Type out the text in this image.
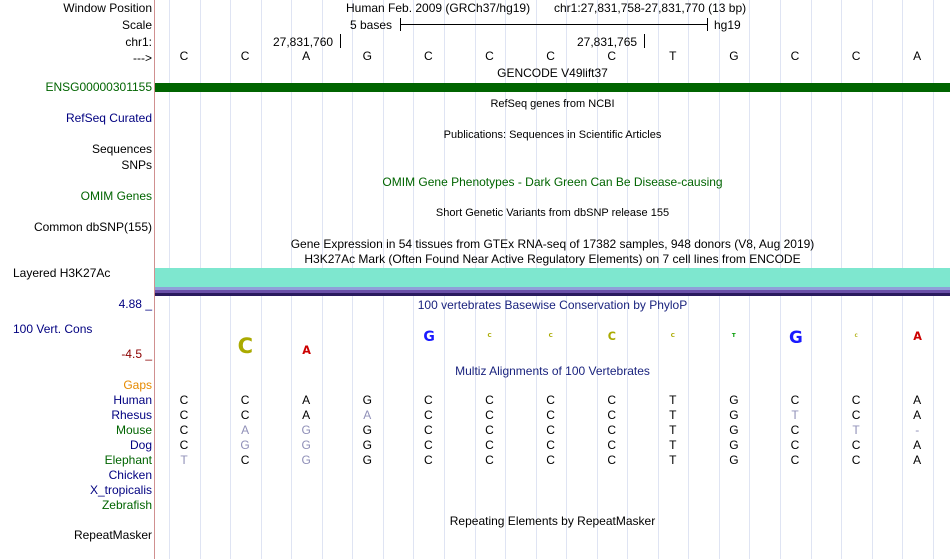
Window Position
Scale
chr1:
--->
ENSG00000301155
RefSeq Curated
Sequences
SNPs
OMIM Genes
Common dbSNP(155)
Layered H3K27Ac
4.88 _
100 Vert. Cons
-4.5 _
Gaps
Human
Rhesus
Mouse
Dog
Elephant
Chicken
X_tropicalis
Zebrafish
RepeatMasker
Human Feb. 2009 (GRCh37/hg19) chr1:27,831,758-27,831,770 (13 bp)
5 bases	hg19
27,831,760	27,831,765
C	C	A	G	C	C	C	C	T	G	C	C	A
GENCODE V49lift37
RefSeq genes from NCBI
Publications: Sequences in Scientific Articles
OMIM Gene Phenotypes - Dark Green Can Be Disease-causing
Short Genetic Variants from dbSNP release 155
Gene Expression in 54 tissues from GTEx RNA-seq of 17382 samples, 948 donors (V8, Aug 2019)
H3K27Ac Mark (Often Found Near Active Regulatory Elements) on 7 cell lines from ENCODE
100 vertebrates Basewise Conservation by PhyloP
C	A
G	C	C	C	C	T	G	C	A
Multiz Alignments of 100 Vertebrates
C	C	A	G	C	C	C	C	T	G	C	C	A
C	C	A	A	C	C	C	C	T	G	T	C	A
C	A	G	G	C	C	C	C	T	G	C	T	-
C	G	G	G	C	C	C	C	T	G	C	C	A
T	C	G	G	C	C	C	C	T	G	C	C	A
Repeating Elements by RepeatMasker
